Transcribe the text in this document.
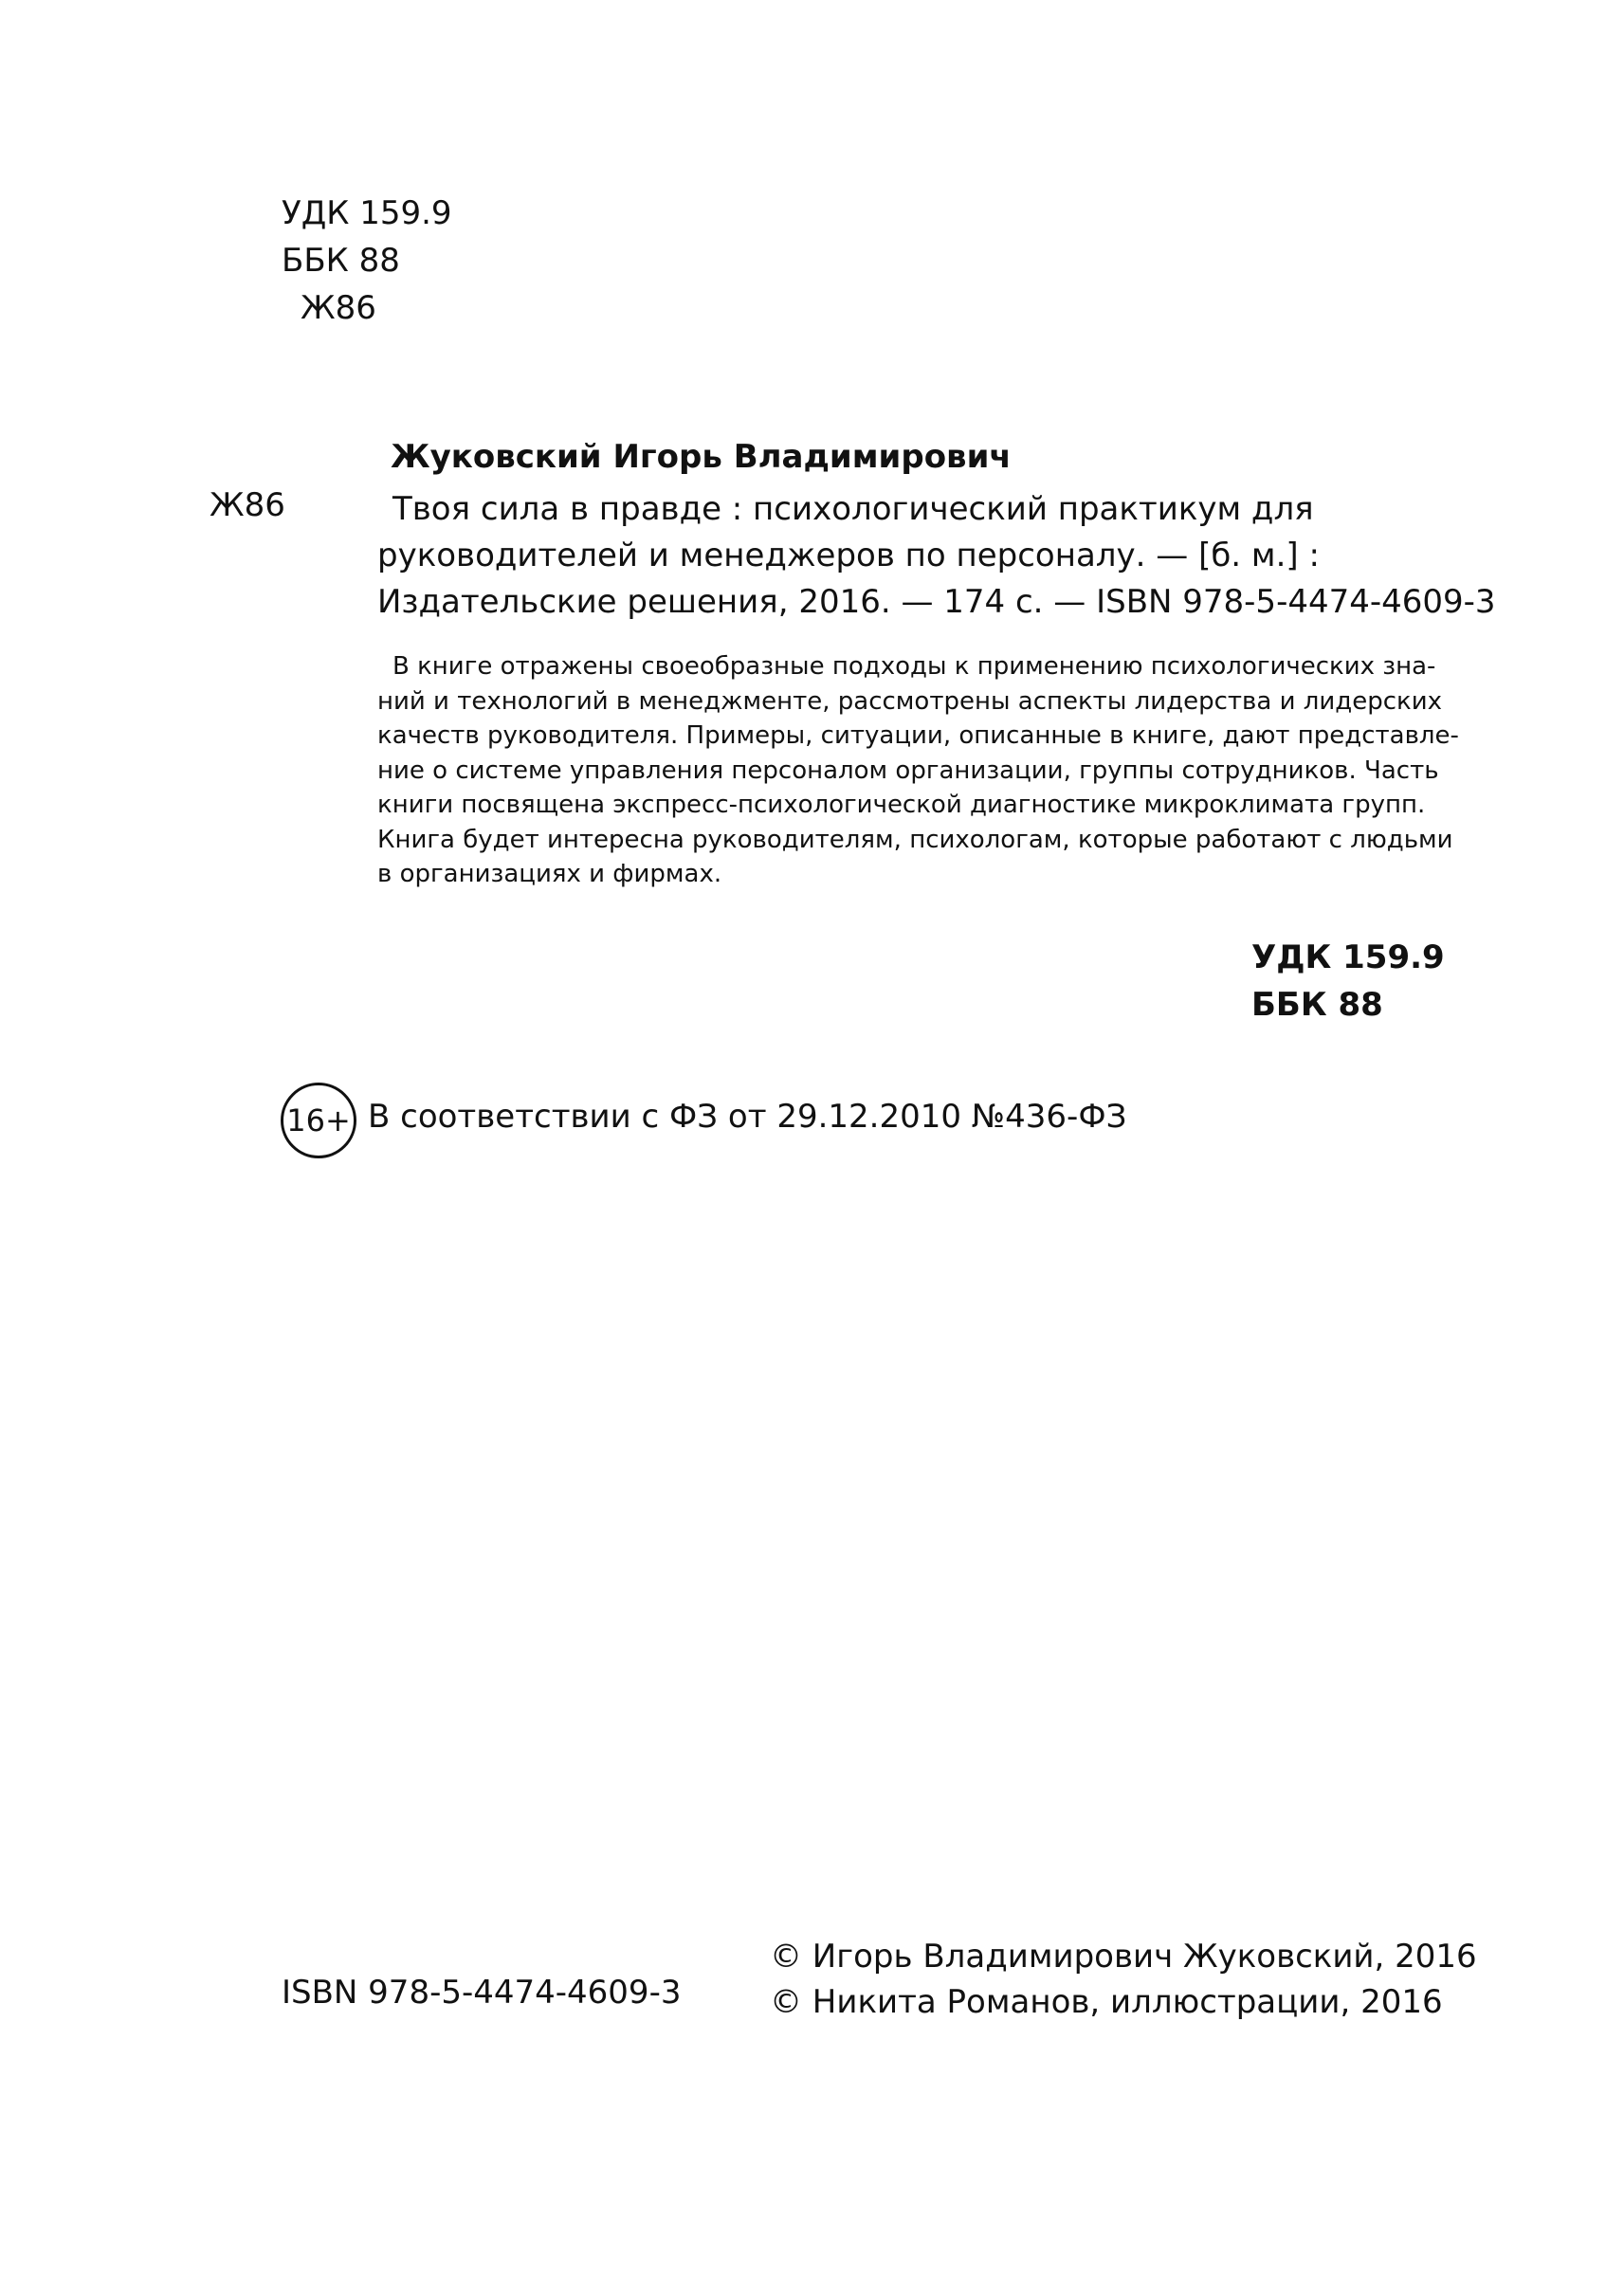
УДК 159.9
ББК 88
Ж86
Жуковский Игорь Владимирович
Ж86	Твоя сила в правде : психологический практикум для
руководителей и менеджеров по персоналу. — [б. м.] :
Издательские решения, 2016. — 174 с. — ISBN 978-5-4474-4609-3
В книге отражены своеобразные подходы к применению психологических зна-
ний и технологий в менеджменте, рассмотрены аспекты лидерства и лидерских
качеств руководителя. Примеры, ситуации, описанные в книге, дают представле-
ние о системе управления персоналом организации, группы сотрудников. Часть
книги посвящена экспресс-психологической диагностике микроклимата групп.
Книга будет интересна руководителям, психологам, которые работают с людьми
в организациях и фирмах.
УДК 159.9
ББК 88
16+ В соответствии с ФЗ от 29.12.2010 №436-ФЗ
ISBN 978-5-4474-4609-3
© Игорь Владимирович Жуковский, 2016
© Никита Романов, иллюстрации, 2016
